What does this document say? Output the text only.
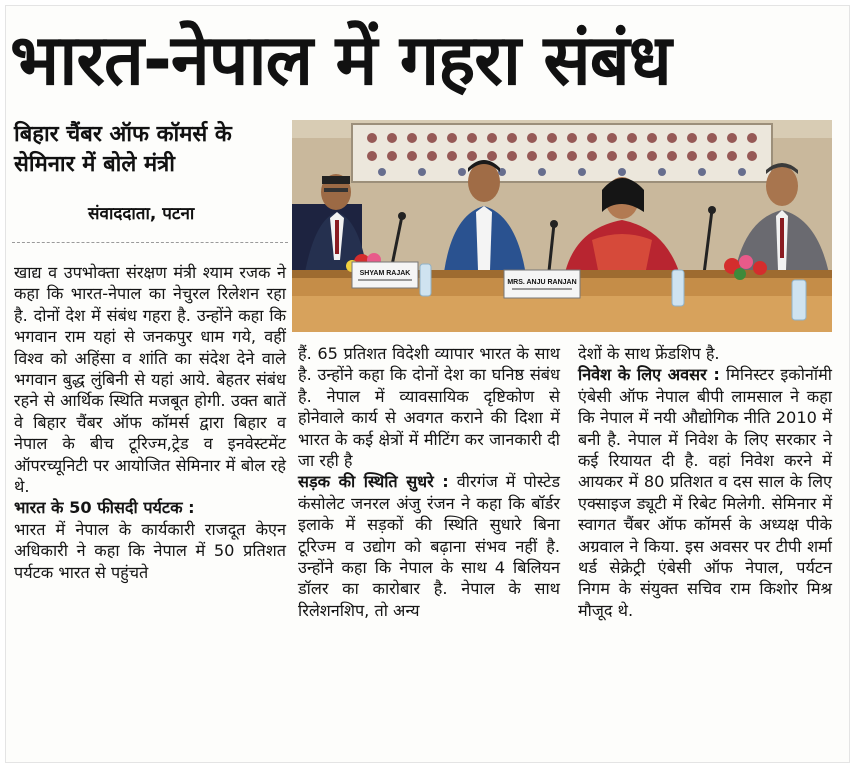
भारत-नेपाल में गहरा संबंध
बिहार चैंबर ऑफ कॉमर्स के सेमिनार में बोले मंत्री
संवाददाता, पटना
SHYAM RAJAK
MRS. ANJU RANJAN

खाद्य व उपभोक्ता संरक्षण मंत्री श्याम रजक ने कहा कि भारत-नेपाल का नेचुरल रिलेशन रहा है. दोनों देश में संबंध गहरा है. उन्होंने कहा कि भगवान राम यहां से जनकपुर धाम गये, वहीं विश्व को अहिंसा व शांति का संदेश देने वाले भगवान बुद्ध लुंबिनी से यहां आये. बेहतर संबंध रहने से आर्थिक स्थिति मजबूत होगी. उक्त बातें वे बिहार चैंबर ऑफ कॉमर्स द्वारा बिहार व नेपाल के बीच टूरिज्म,ट्रेड व इनवेस्टमेंट ऑपरच्यूनिटी पर आयोजित सेमिनार में बोल रहे थे.

भारत के 50 फीसदी पर्यटक :

भारत में नेपाल के कार्यकारी राजदूत केएन अधिकारी ने कहा कि नेपाल में 50 प्रतिशत पर्यटक भारत से पहुंचते

हैं. 65 प्रतिशत विदेशी व्यापार भारत के साथ है. उन्होंने कहा कि दोनों देश का घनिष्ठ संबंध है. नेपाल में व्यावसायिक दृष्टिकोण से होनेवाले कार्य से अवगत कराने की दिशा में भारत के कई क्षेत्रों में मीटिंग कर जानकारी दी जा रही है

सड़क की स्थिति सुधरे : वीरगंज में पोस्टेड कंसोलेट जनरल अंजु रंजन ने कहा कि बॉर्डर इलाके में सड़कों की स्थिति सुधारे बिना टूरिज्म व उद्योग को बढ़ाना संभव नहीं है. उन्होंने कहा कि नेपाल के साथ 4 बिलियन डॉलर का कारोबार है. नेपाल के साथ रिलेशनशिप, तो अन्य

देशों के साथ फ्रेंडशिप है.

निवेश के लिए अवसर : मिनिस्टर इकोनॉमी एंबेसी ऑफ नेपाल बीपी लामसाल ने कहा कि नेपाल में नयी औद्योगिक नीति 2010 में बनी है. नेपाल में निवेश के लिए सरकार ने कई रियायत दी है. वहां निवेश करने में आयकर में 80 प्रतिशत व दस साल के लिए एक्साइज ड्यूटी में रिबेट मिलेगी. सेमिनार में स्वागत चैंबर ऑफ कॉमर्स के अध्यक्ष पीके अग्रवाल ने किया. इस अवसर पर टीपी शर्मा थर्ड सेक्रेट्री एंबेसी ऑफ नेपाल, पर्यटन निगम के संयुक्त सचिव राम किशोर मिश्र मौजूद थे.
